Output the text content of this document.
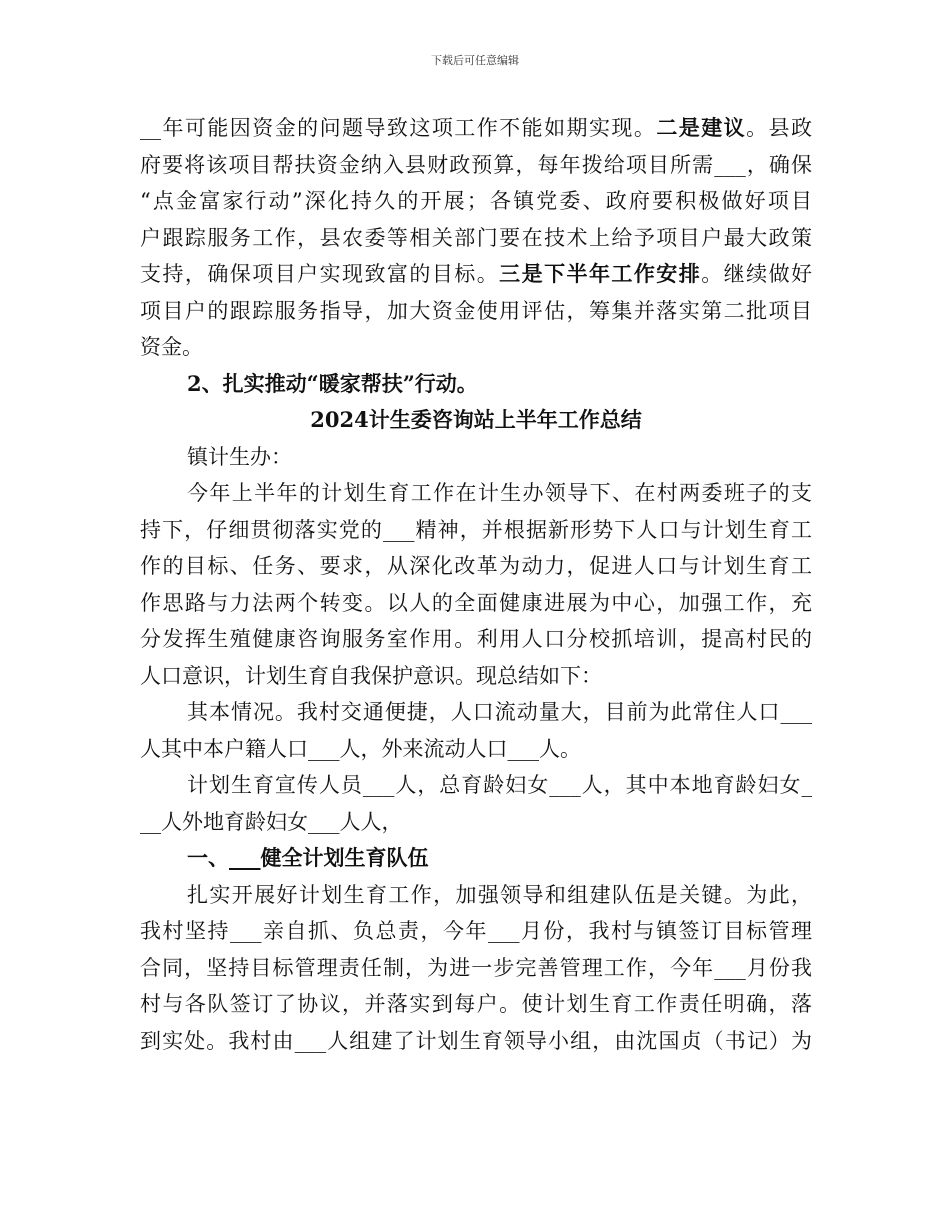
下载后可任意编辑
__年可能因资金的问题导致这项工作不能如期实现。二是建议。县政
府要将该项目帮扶资金纳入县财政预算，每年拨给项目所需___，确保
“点金富家行动”深化持久的开展；各镇党委、政府要积极做好项目
户跟踪服务工作，县农委等相关部门要在技术上给予项目户最大政策
支持，确保项目户实现致富的目标。三是下半年工作安排。继续做好
项目户的跟踪服务指导，加大资金使用评估，筹集并落实第二批项目
资金。
2、扎实推动“暖家帮扶”行动。
2024计生委咨询站上半年工作总结
镇计生办：
今年上半年的计划生育工作在计生办领导下、在村两委班子的支
持下，仔细贯彻落实党的___精神，并根据新形势下人口与计划生育工
作的目标、任务、要求，从深化改革为动力，促进人口与计划生育工
作思路与力法两个转变。以人的全面健康进展为中心，加强工作，充
分发挥生殖健康咨询服务室作用。利用人口分校抓培训，提高村民的
人口意识，计划生育自我保护意识。现总结如下：
其本情况。我村交通便捷，人口流动量大，目前为此常住人口___
人其中本户籍人口___人，外来流动人口___人。
计划生育宣传人员___人，总育龄妇女___人，其中本地育龄妇女_
__人外地育龄妇女___人人，
一、___健全计划生育队伍
扎实开展好计划生育工作，加强领导和组建队伍是关键。为此，
我村坚持___亲自抓、负总责，今年___月份，我村与镇签订目标管理
合同，坚持目标管理责任制，为进一步完善管理工作，今年___月份我
村与各队签订了协议，并落实到每户。使计划生育工作责任明确，落
到实处。我村由___人组建了计划生育领导小组，由沈国贞（书记）为
